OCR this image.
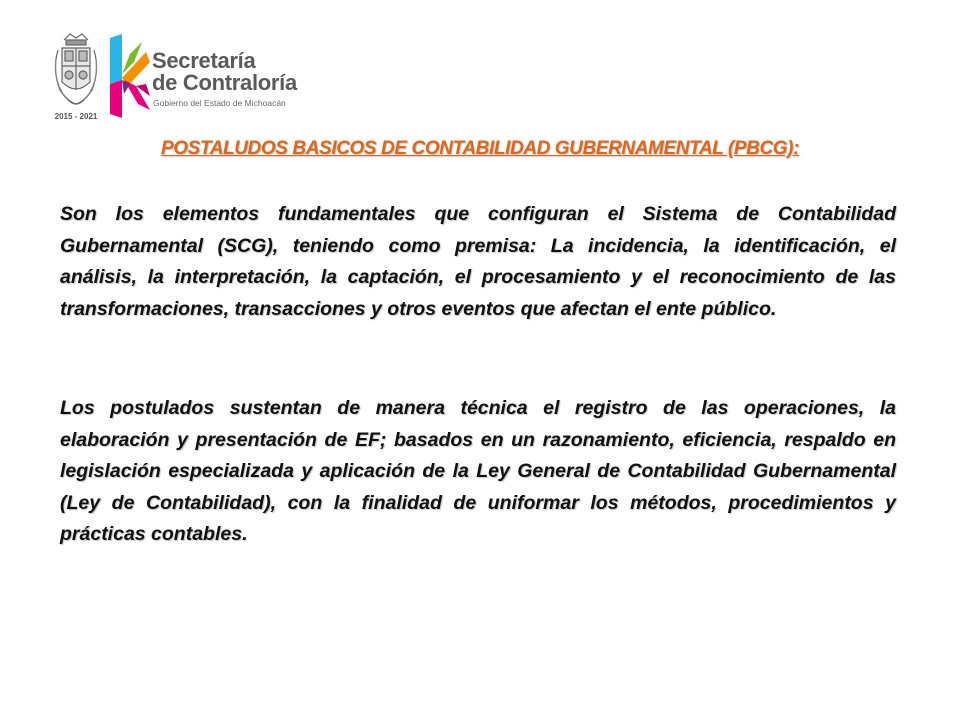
2015 - 2021
Secretaría
de Contraloría
Gobierno del Estado de Michoacán
POSTALUDOS BASICOS DE CONTABILIDAD GUBERNAMENTAL (PBCG):
Son los elementos fundamentales que configuran el Sistema de Contabilidad Gubernamental (SCG), teniendo como premisa: La incidencia, la identificación, el análisis, la interpretación, la captación, el procesamiento y el reconocimiento de las transformaciones, transacciones y otros eventos que afectan el ente público.
Los postulados sustentan de manera técnica el registro de las operaciones, la elaboración y presentación de EF; basados en un razonamiento, eficiencia, respaldo en legislación especializada y aplicación de la Ley General de Contabilidad Gubernamental (Ley de Contabilidad), con la finalidad de uniformar los métodos, procedimientos y prácticas contables.
